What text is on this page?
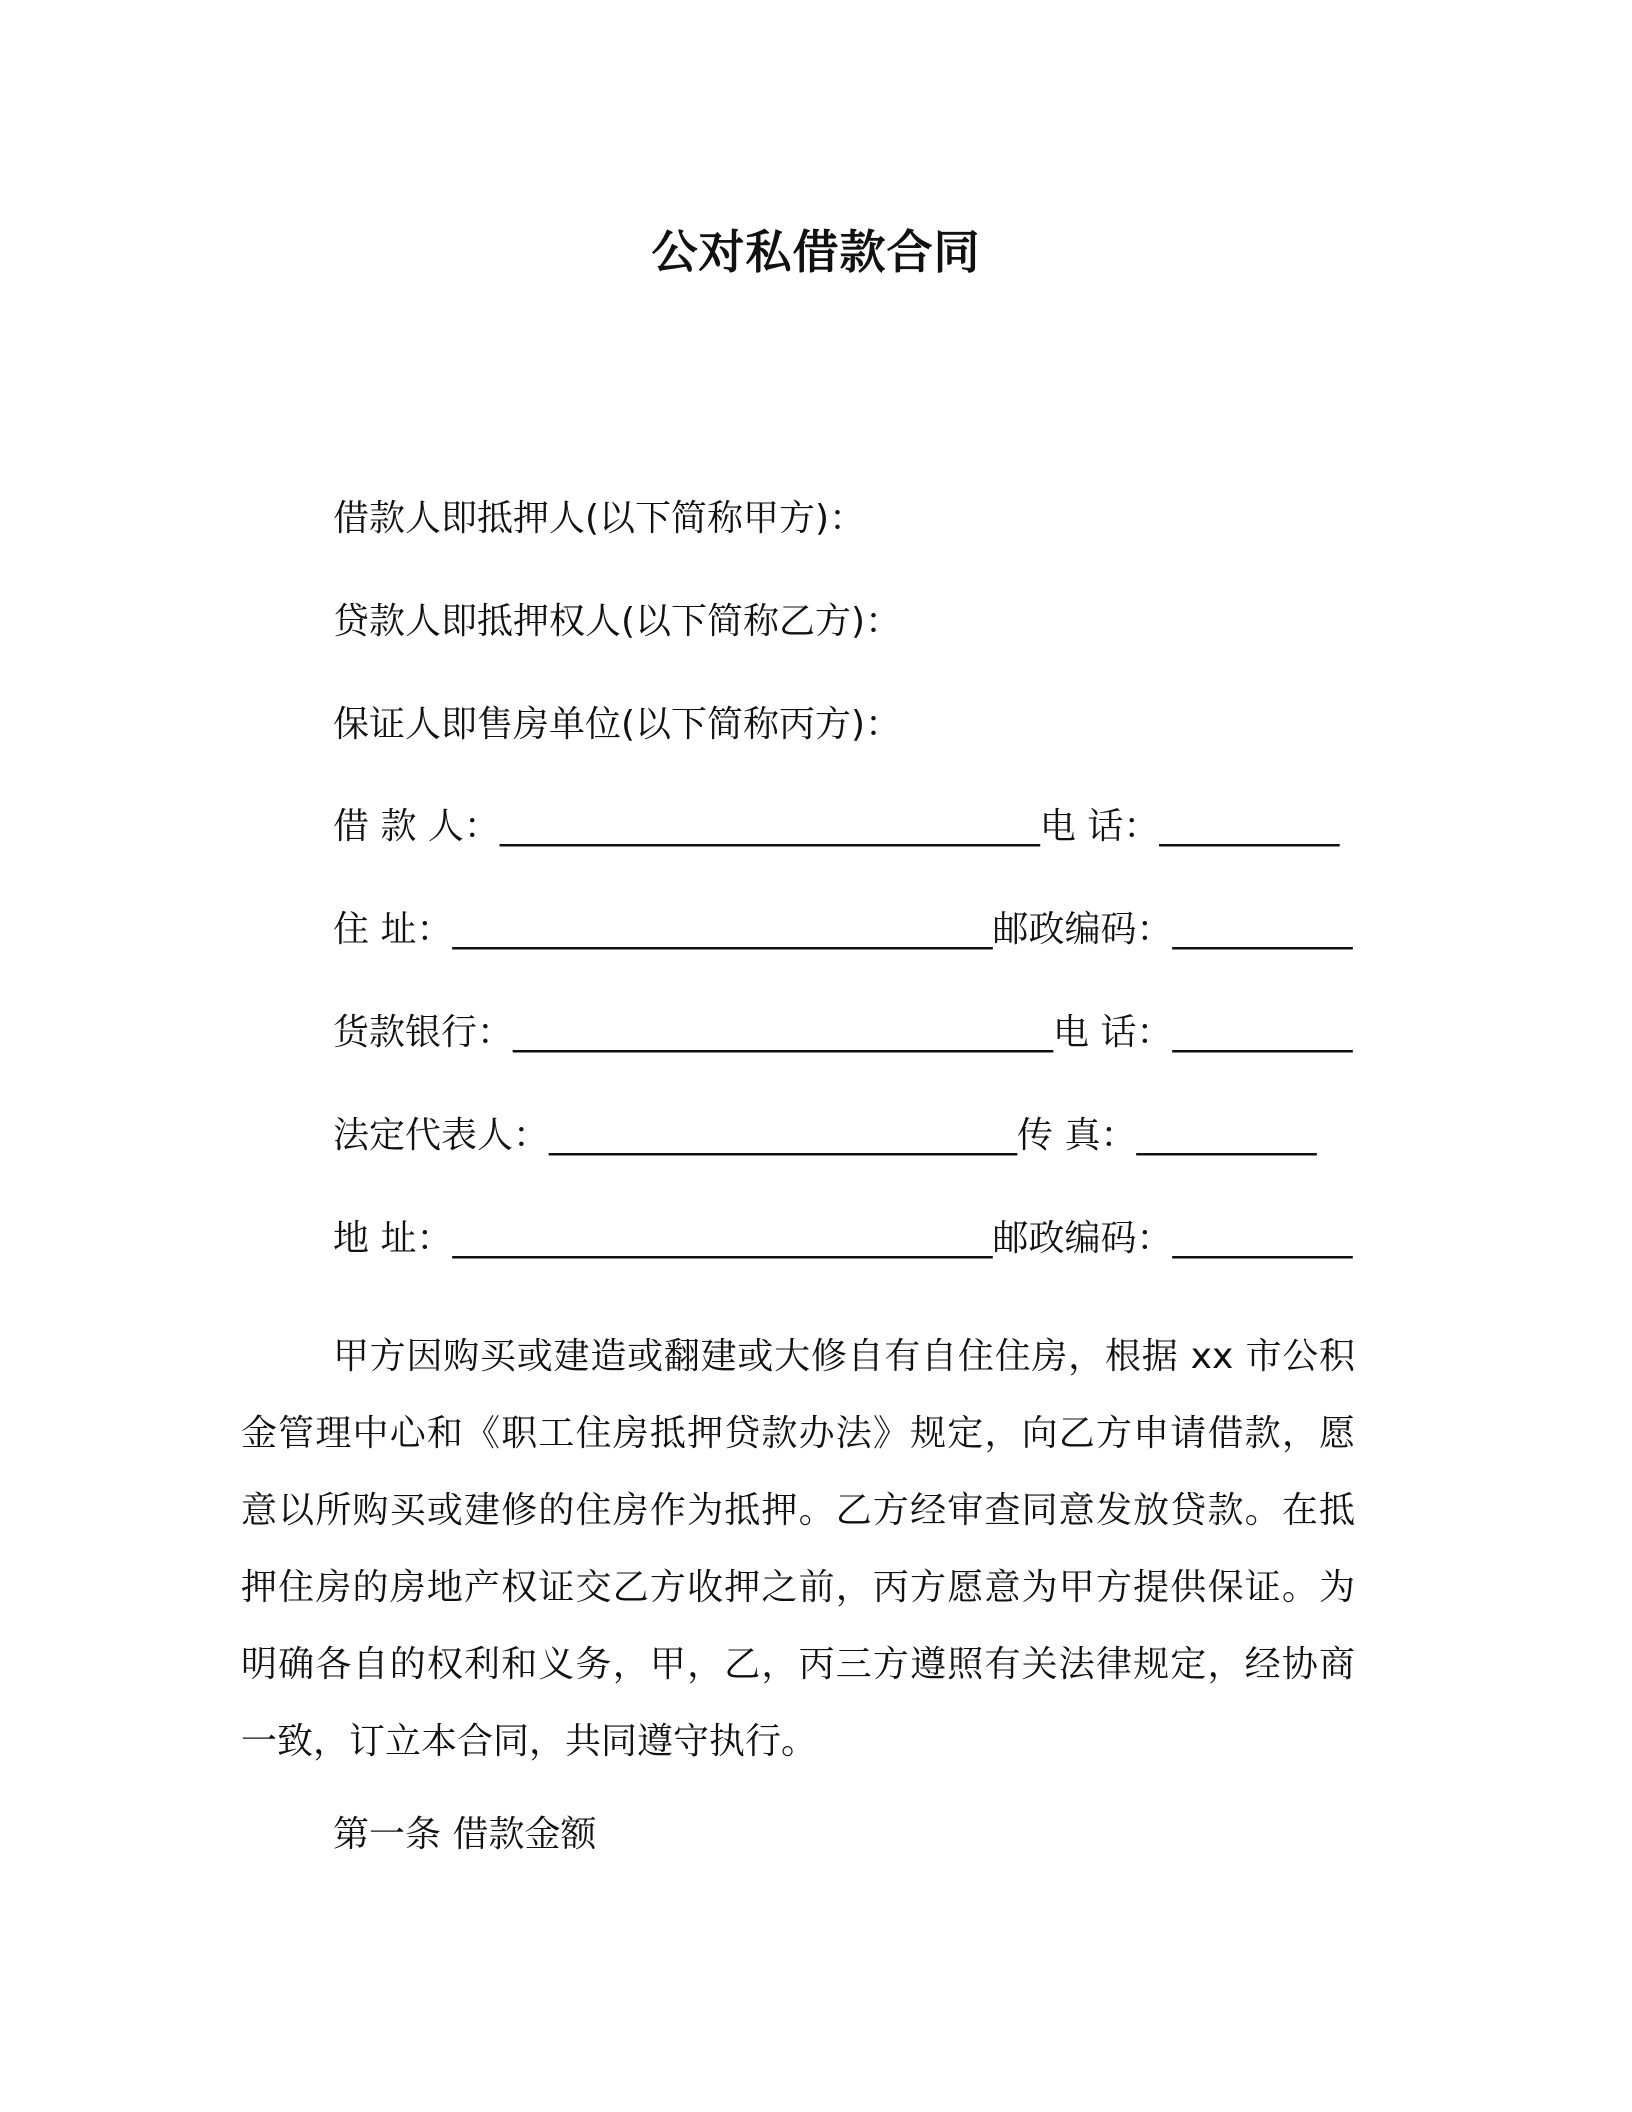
公对私借款合同
借款人即抵押人(以下简称甲方)：
贷款人即抵押权人(以下简称乙方)：
保证人即售房单位(以下简称丙方)：
借 款 人：______________________________电 话：__________
住 址：______________________________邮政编码：__________
货款银行：______________________________电 话：__________
法定代表人：__________________________传 真：__________
地 址：______________________________邮政编码：__________
甲方因购买或建造或翻建或大修自有自住住房，根据 xx 市公积金管理中心和《职工住房抵押贷款办法》规定，向乙方申请借款，愿意以所购买或建修的住房作为抵押。乙方经审查同意发放贷款。在抵押住房的房地产权证交乙方收押之前，丙方愿意为甲方提供保证。为明确各自的权利和义务，甲，乙，丙三方遵照有关法律规定，经协商一致，订立本合同，共同遵守执行。
第一条 借款金额
